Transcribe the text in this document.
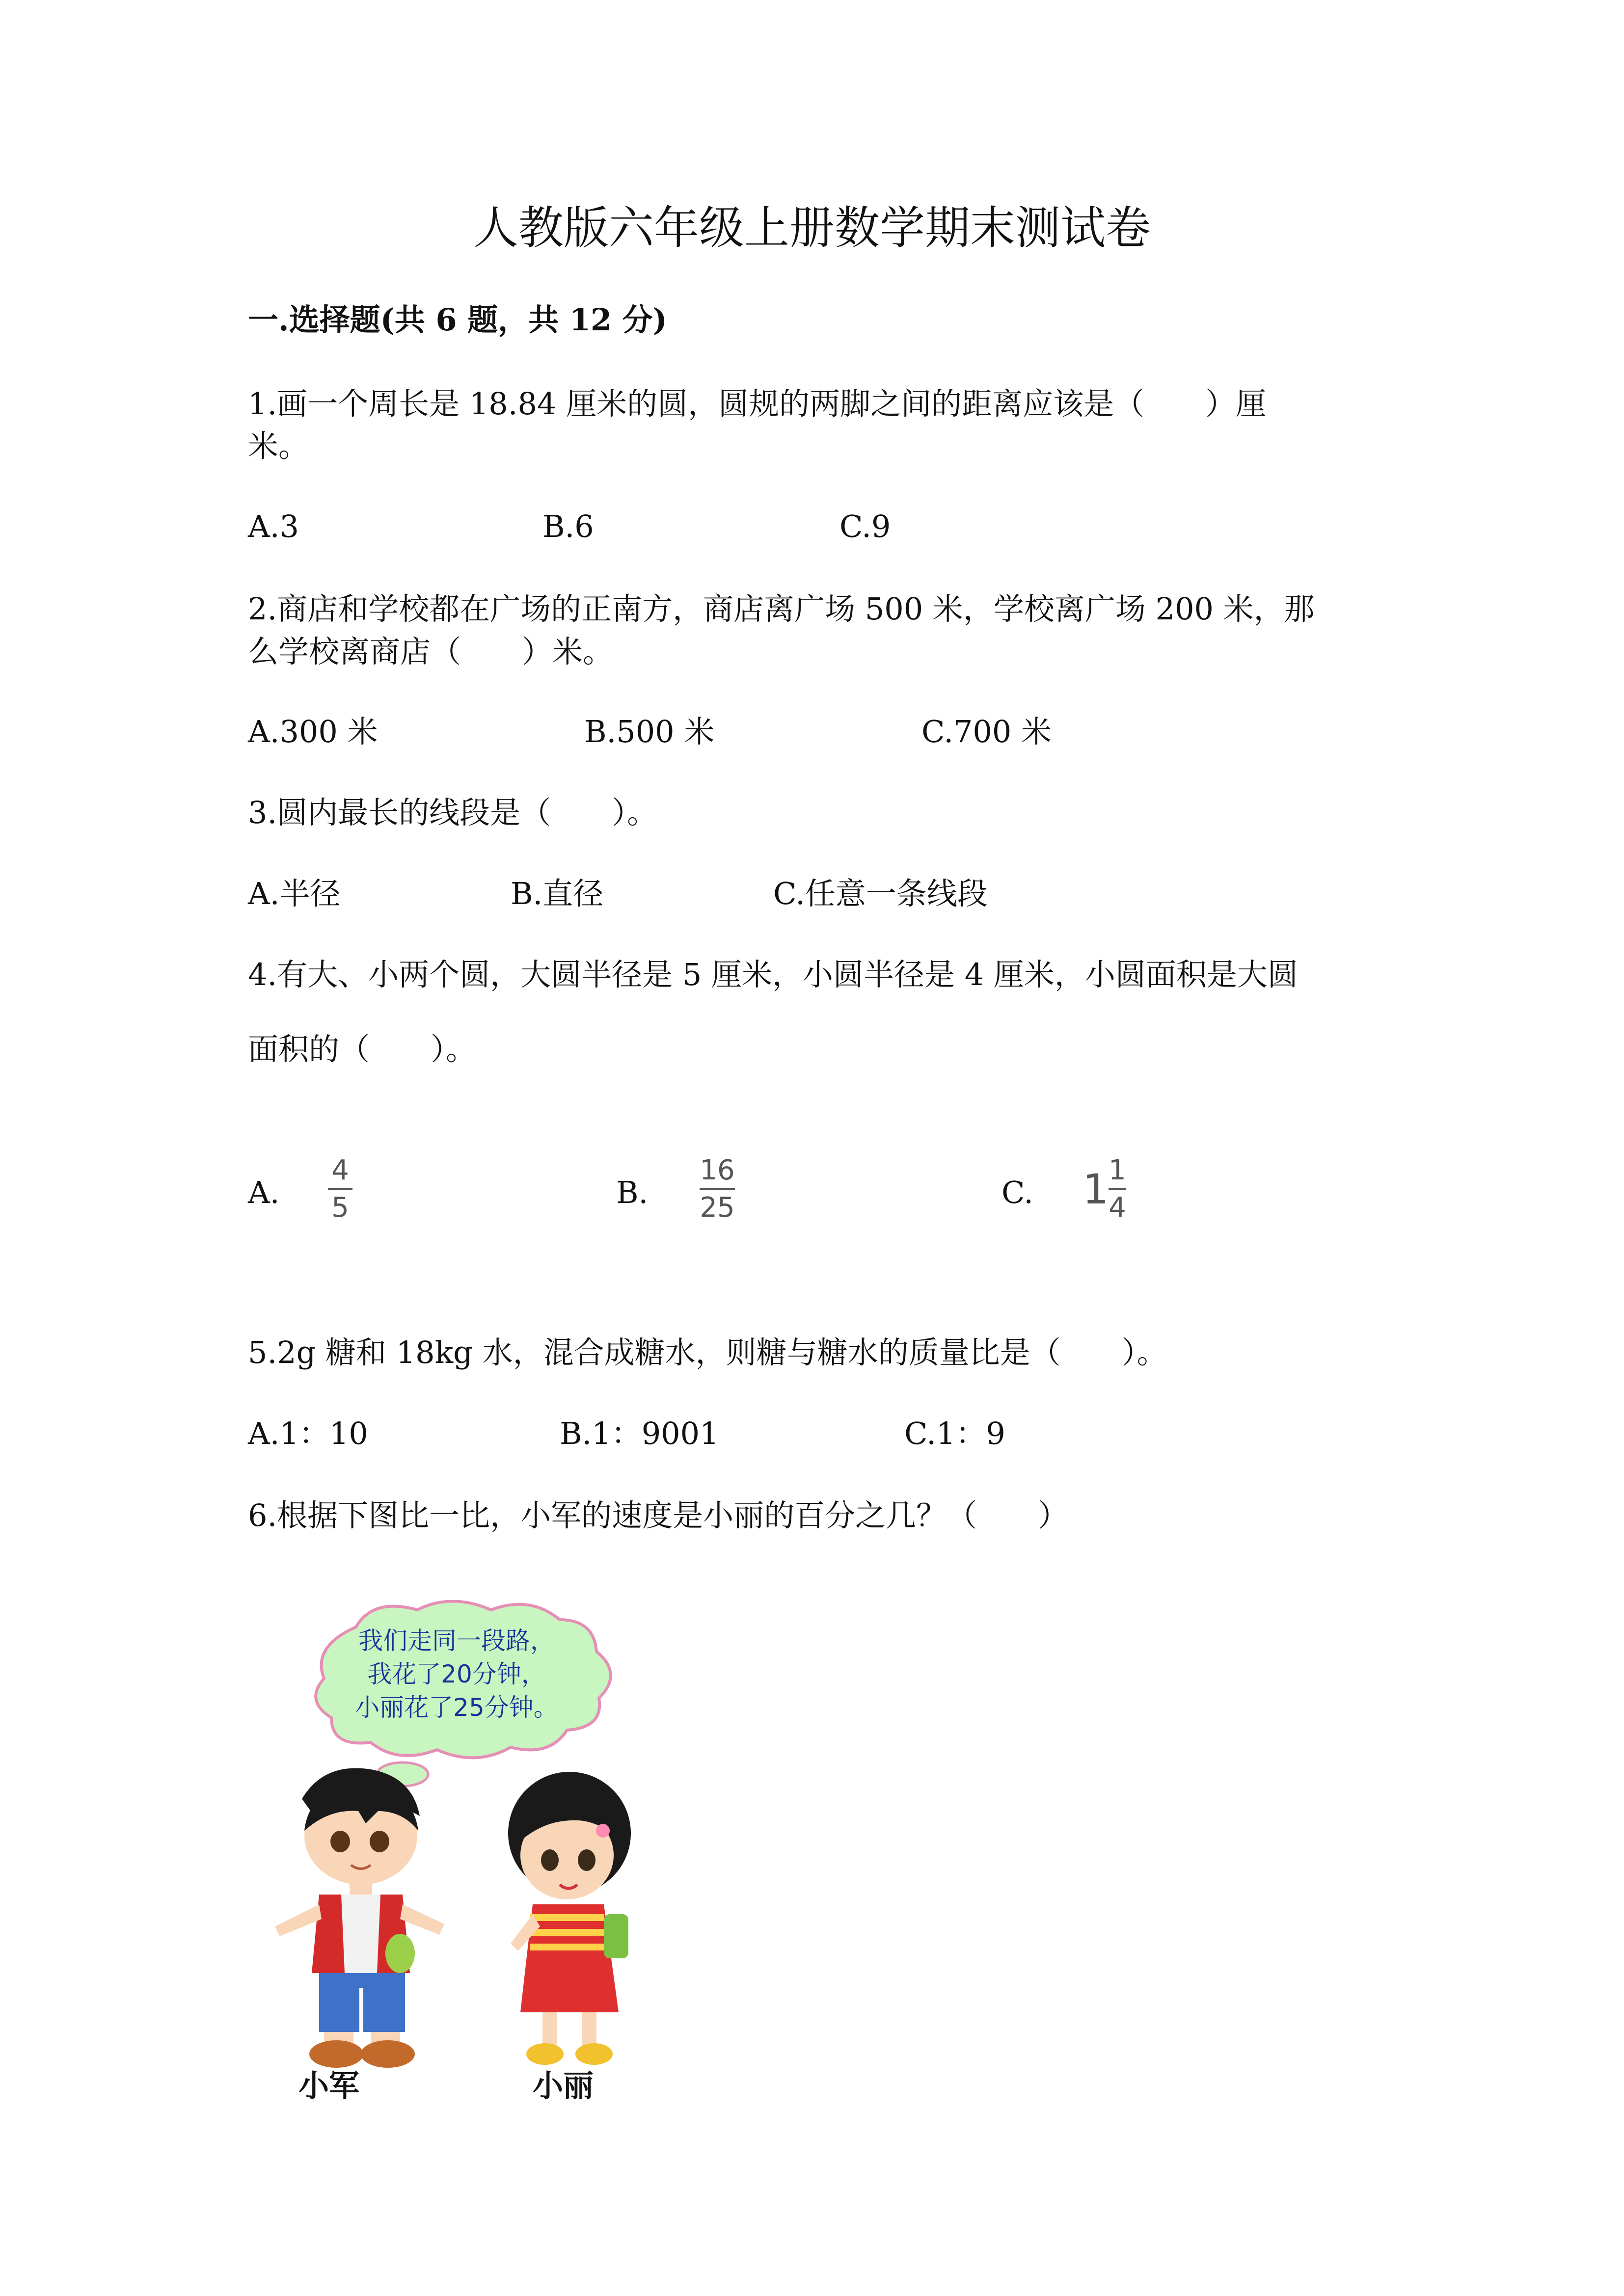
人教版六年级上册数学期末测试卷
一.选择题(共 6 题，共 12 分)
1.画一个周长是 18.84 厘米的圆，圆规的两脚之间的距离应该是（　　）厘
米。
A.3	B.6	C.9
2.商店和学校都在广场的正南方，商店离广场 500 米，学校离广场 200 米，那
么学校离商店（　　）米。
A.300 米	B.500 米	C.700 米
3.圆内最长的线段是（　　）。
A.半径	B.直径	C.任意一条线段
4.有大、小两个圆，大圆半径是 5 厘米，小圆半径是 4 厘米，小圆面积是大圆
面积的（　　）。
A.
4
5	B.
16
25	C. 1 1
4
5.2g 糖和 18kg 水，混合成糖水，则糖与糖水的质量比是（　　）。
A.1：10	B.1：9001	C.1：9
6.根据下图比一比，小军的速度是小丽的百分之几？（　　）
我们走同一段路，
我花了20分钟，
小丽花了25分钟。
小军	小丽
